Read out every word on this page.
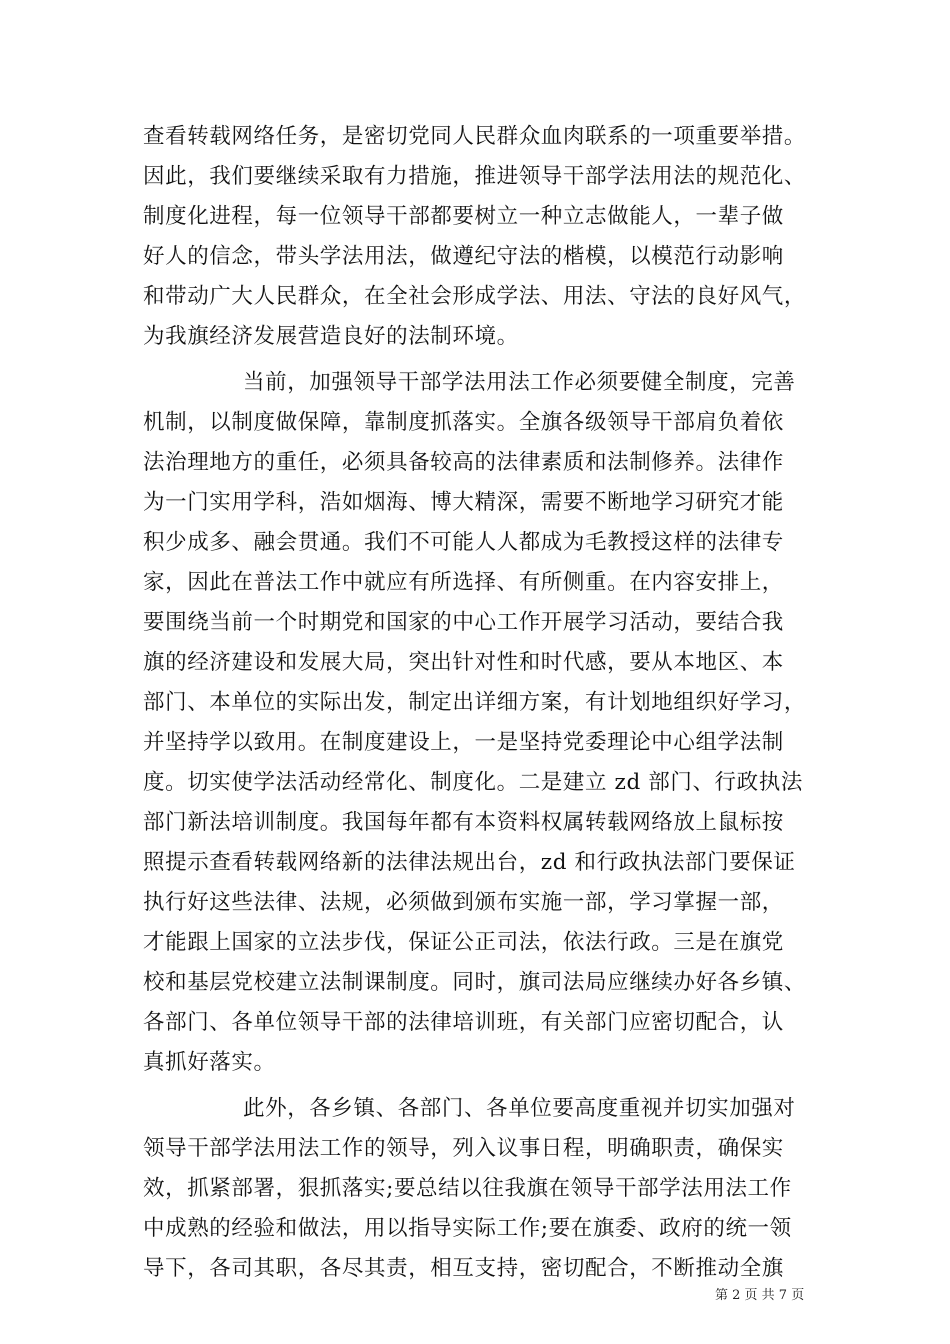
查看转载网络任务，是密切党同人民群众血肉联系的一项重要举措。
因此，我们要继续采取有力措施，推进领导干部学法用法的规范化、
制度化进程，每一位领导干部都要树立一种立志做能人，一辈子做
好人的信念，带头学法用法，做遵纪守法的楷模，以模范行动影响
和带动广大人民群众，在全社会形成学法、用法、守法的良好风气，
为我旗经济发展营造良好的法制环境。
当前，加强领导干部学法用法工作必须要健全制度，完善
机制，以制度做保障，靠制度抓落实。全旗各级领导干部肩负着依
法治理地方的重任，必须具备较高的法律素质和法制修养。法律作
为一门实用学科，浩如烟海、博大精深，需要不断地学习研究才能
积少成多、融会贯通。我们不可能人人都成为毛教授这样的法律专
家，因此在普法工作中就应有所选择、有所侧重。在内容安排上，
要围绕当前一个时期党和国家的中心工作开展学习活动，要结合我
旗的经济建设和发展大局，突出针对性和时代感，要从本地区、本
部门、本单位的实际出发，制定出详细方案，有计划地组织好学习，
并坚持学以致用。在制度建设上，一是坚持党委理论中心组学法制
度。切实使学法活动经常化、制度化。二是建立 zd 部门、行政执法
部门新法培训制度。我国每年都有本资料权属转载网络放上鼠标按
照提示查看转载网络新的法律法规出台，zd 和行政执法部门要保证
执行好这些法律、法规，必须做到颁布实施一部，学习掌握一部，
才能跟上国家的立法步伐，保证公正司法，依法行政。三是在旗党
校和基层党校建立法制课制度。同时，旗司法局应继续办好各乡镇、
各部门、各单位领导干部的法律培训班，有关部门应密切配合，认
真抓好落实。
此外，各乡镇、各部门、各单位要高度重视并切实加强对
领导干部学法用法工作的领导，列入议事日程，明确职责，确保实
效，抓紧部署，狠抓落实;要总结以往我旗在领导干部学法用法工作
中成熟的经验和做法，用以指导实际工作;要在旗委、政府的统一领
导下，各司其职，各尽其责，相互支持，密切配合，不断推动全旗
第 2 页 共 7 页
